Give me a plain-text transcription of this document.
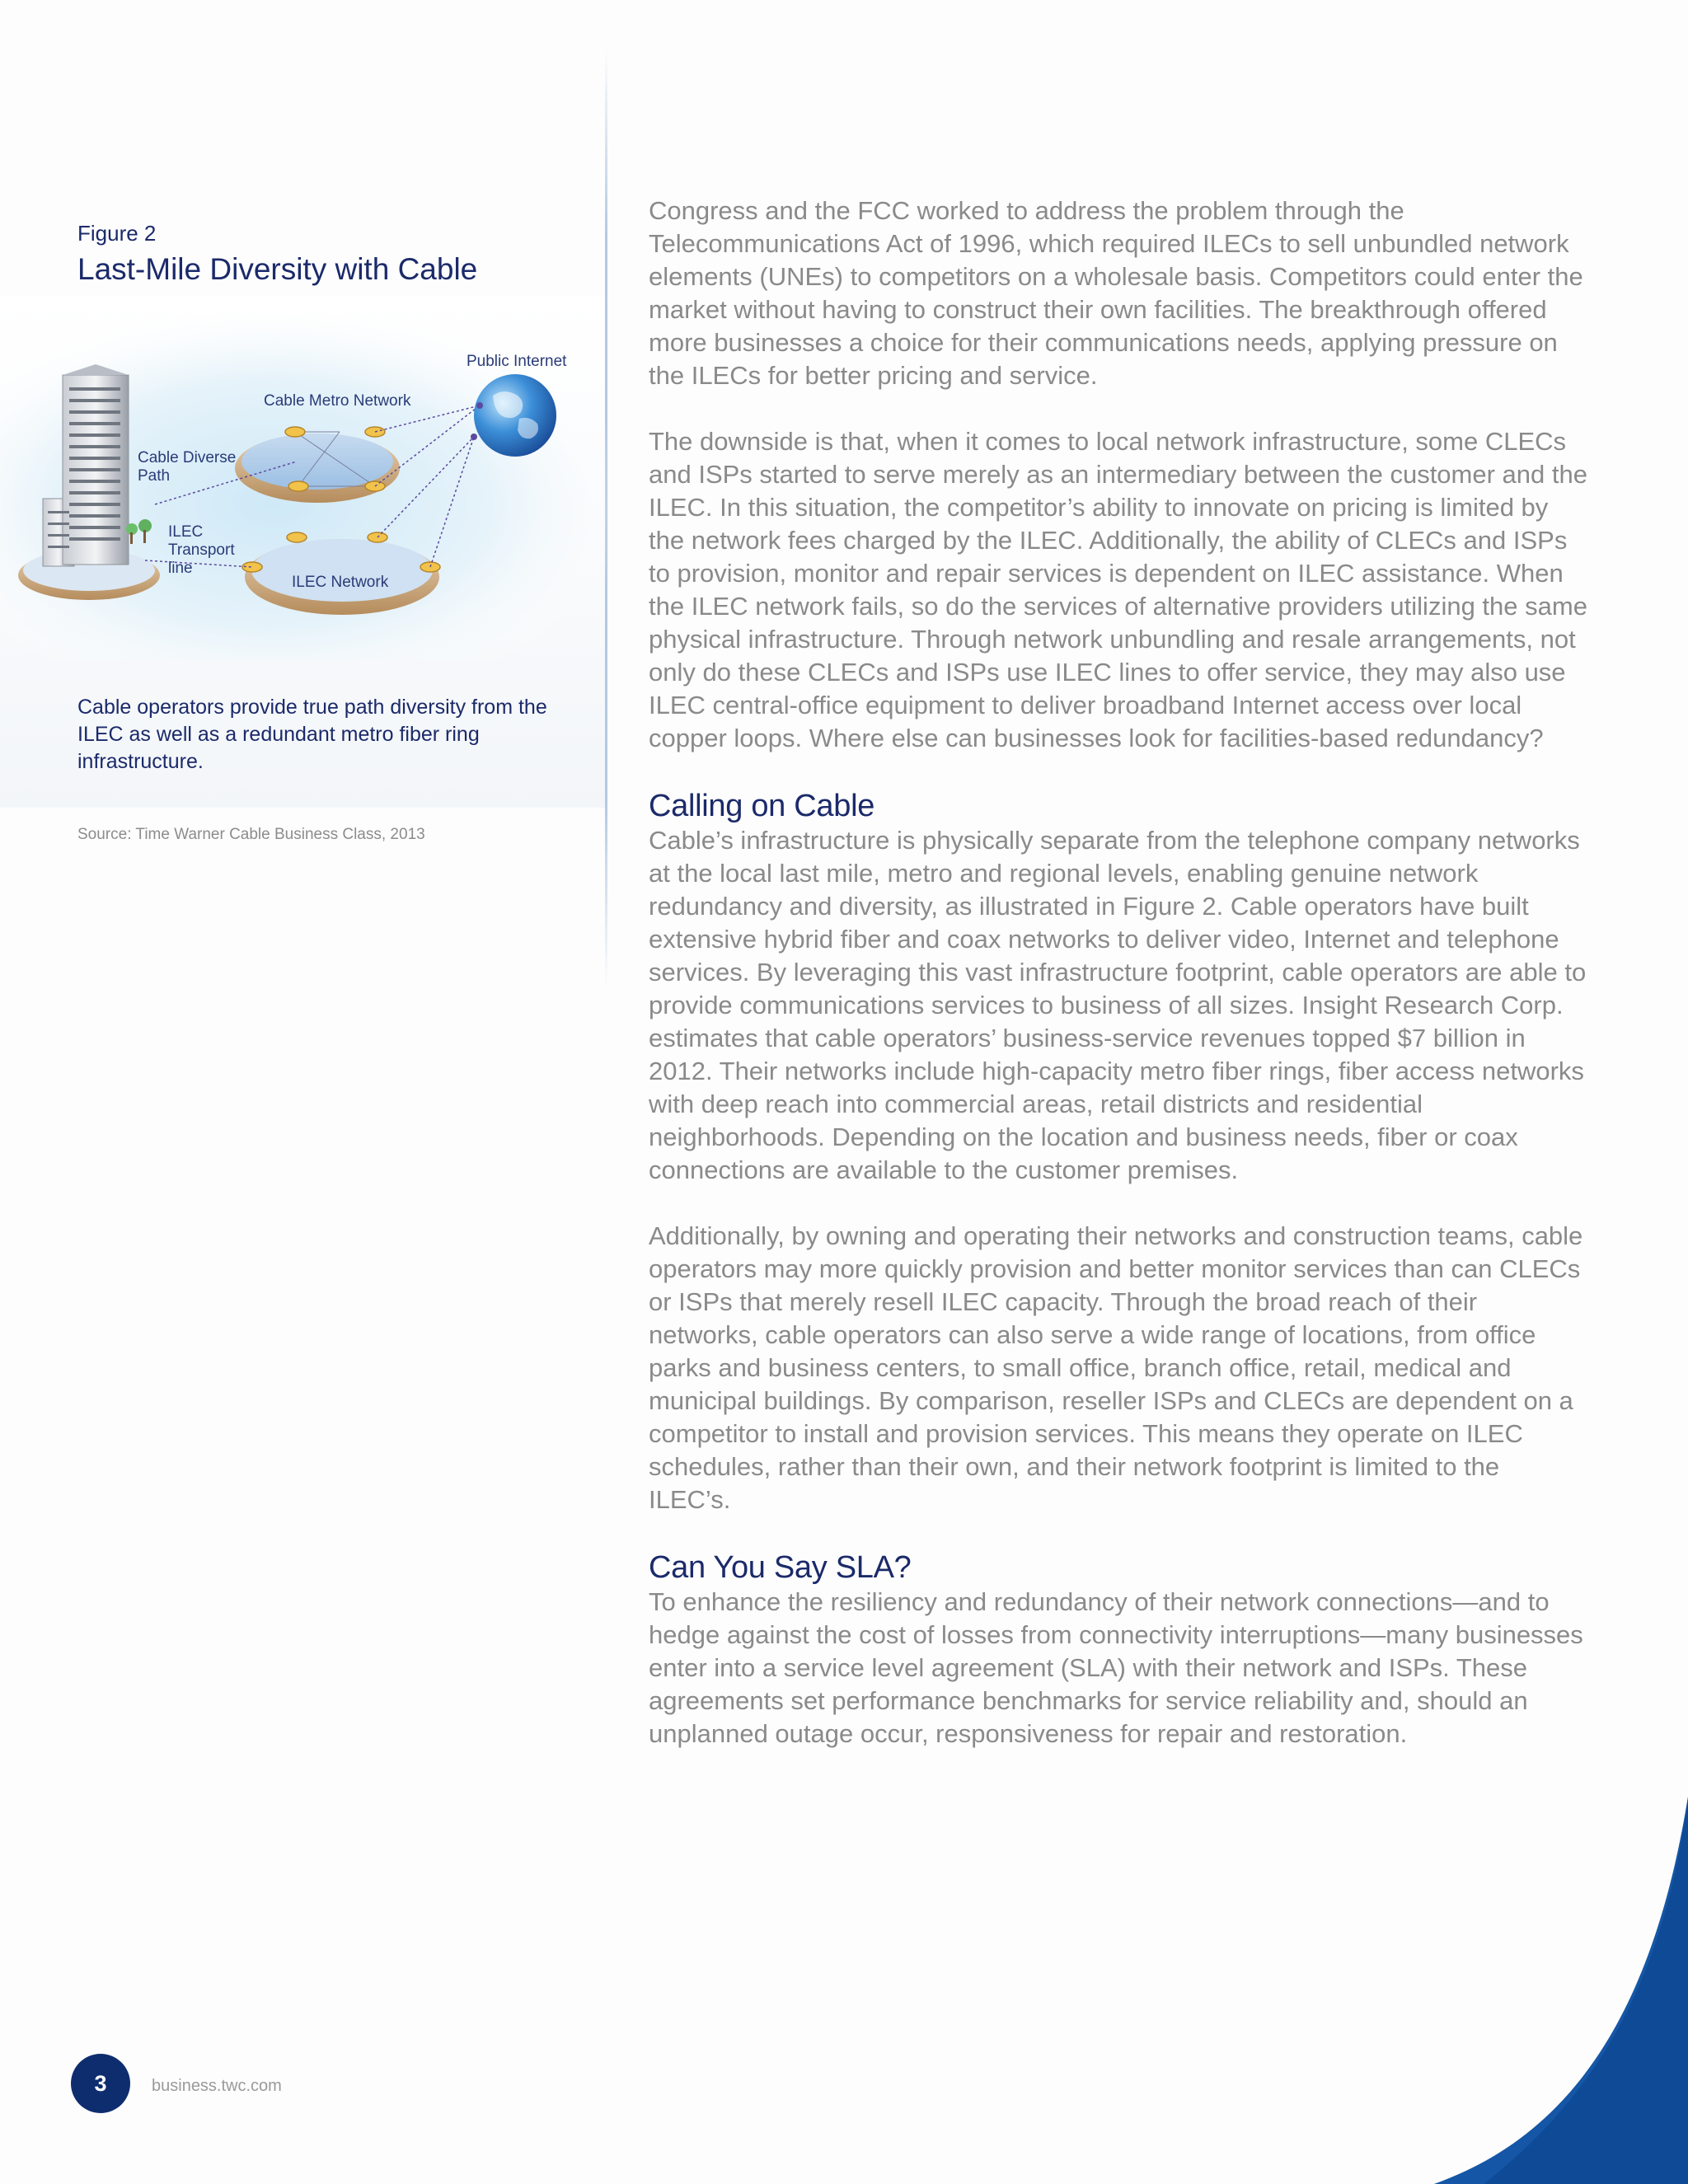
Figure 2
Last-Mile Diversity with Cable
Public Internet
Cable Metro Network
Cable Diverse Path
ILEC Transport line
ILEC Network
Cable operators provide true path diversity from the ILEC as well as a redundant metro fiber ring infrastructure.
Source: Time Warner Cable Business Class, 2013

Congress and the FCC worked to address the problem through the Telecommunications Act of 1996, which required ILECs to sell unbundled network elements (UNEs) to competitors on a wholesale basis. Competitors could enter the market without having to construct their own facilities. The breakthrough offered more businesses a choice for their communications needs, applying pressure on the ILECs for better pricing and service.

The downside is that, when it comes to local network infrastructure, some CLECs and ISPs started to serve merely as an intermediary between the customer and the ILEC. In this situation, the competitor’s ability to innovate on pricing is limited by the network fees charged by the ILEC. Additionally, the ability of CLECs and ISPs to provision, monitor and repair services is dependent on ILEC assistance. When the ILEC network fails, so do the services of alternative providers utilizing the same physical infrastructure. Through network unbundling and resale arrangements, not only do these CLECs and ISPs use ILEC lines to offer service, they may also use ILEC central-office equipment to deliver broadband Internet access over local copper loops. Where else can businesses look for facilities-based redundancy?

Calling on Cable

Cable’s infrastructure is physically separate from the telephone company networks at the local last mile, metro and regional levels, enabling genuine network redundancy and diversity, as illustrated in Figure 2. Cable operators have built extensive hybrid fiber and coax networks to deliver video, Internet and telephone services. By leveraging this vast infrastructure footprint, cable operators are able to provide communications services to business of all sizes. Insight Research Corp. estimates that cable operators’ business-service revenues topped $7 billion in 2012. Their networks include high-capacity metro fiber rings, fiber access networks with deep reach into commercial areas, retail districts and residential neighborhoods. Depending on the location and business needs, fiber or coax connections are available to the customer premises.

Additionally, by owning and operating their networks and construction teams, cable operators may more quickly provision and better monitor services than can CLECs or ISPs that merely resell ILEC capacity. Through the broad reach of their networks, cable operators can also serve a wide range of locations, from office parks and business centers, to small office, branch office, retail, medical and municipal buildings. By comparison, reseller ISPs and CLECs are dependent on a competitor to install and provision services. This means they operate on ILEC schedules, rather than their own, and their network footprint is limited to the ILEC’s.

Can You Say SLA?

To enhance the resiliency and redundancy of their network connections—and to hedge against the cost of losses from connectivity interruptions—many businesses enter into a service level agreement (SLA) with their network and ISPs. These agreements set performance benchmarks for service reliability and, should an unplanned outage occur, responsiveness for repair and restoration.

3	business.twc.com
